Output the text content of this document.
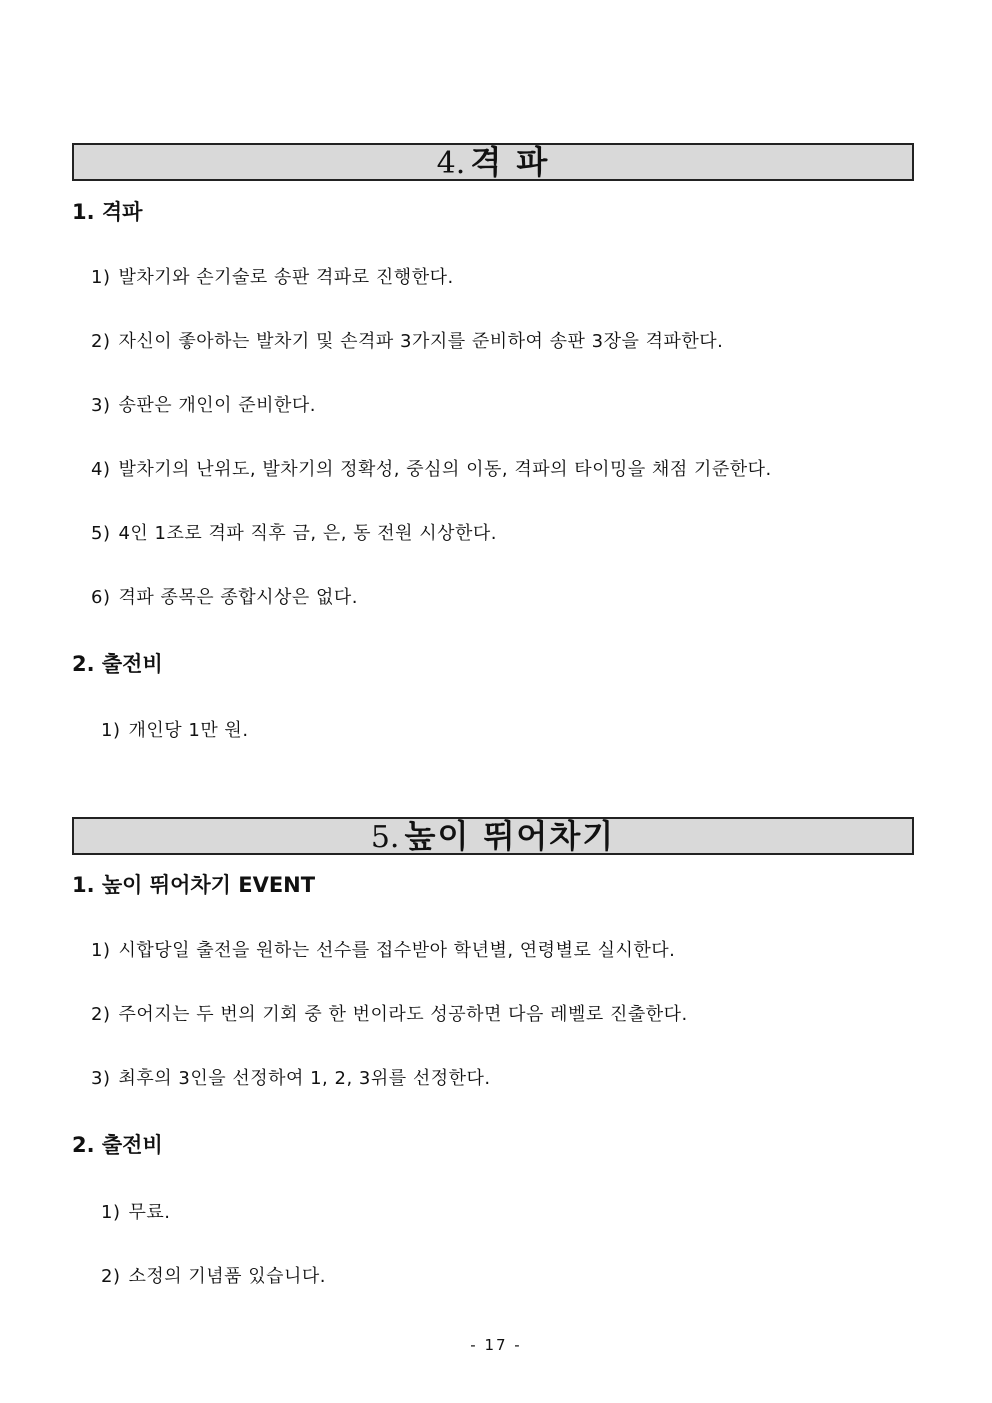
4. 격 파
1. 격파
1) 발차기와 손기술로 송판 격파로 진행한다.
2) 자신이 좋아하는 발차기 및 손격파 3가지를 준비하여 송판 3장을 격파한다.
3) 송판은 개인이 준비한다.
4) 발차기의 난위도, 발차기의 정확성, 중심의 이동, 격파의 타이밍을 채점 기준한다.
5) 4인 1조로 격파 직후 금, 은, 동 전원 시상한다.
6) 격파 종목은 종합시상은 없다.
2. 출전비
1) 개인당 1만 원.
5. 높이 뛰어차기
1. 높이 뛰어차기 EVENT
1) 시합당일 출전을 원하는 선수를 접수받아 학년별, 연령별로 실시한다.
2) 주어지는 두 번의 기회 중 한 번이라도 성공하면 다음 레벨로 진출한다.
3) 최후의 3인을 선정하여 1, 2, 3위를 선정한다.
2. 출전비
1) 무료.
2) 소정의 기념품 있습니다.
- 17 -
